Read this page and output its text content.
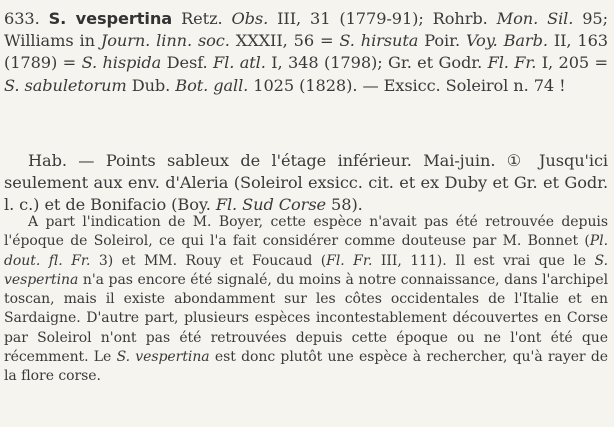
633. S. vespertina Retz. Obs. III, 31 (1779-91); Rohrb. Mon. Sil. 95; Williams in Journ. linn. soc. XXXII, 56 = S. hirsuta Poir. Voy. Barb. II, 163 (1789) = S. hispida Desf. Fl. atl. I, 348 (1798); Gr. et Godr. Fl. Fr. I, 205 = S. sabuletorum Dub. Bot. gall. 1025 (1828). — Exsicc. Soleirol n. 74 !

Hab. — Points sableux de l'étage inférieur. Mai-juin. ① Jusqu'ici seulement aux env. d'Aleria (Soleirol exsicc. cit. et ex Duby et Gr. et Godr. l. c.) et de Bonifacio (Boy. Fl. Sud Corse 58).

A part l'indication de M. Boyer, cette espèce n'avait pas été retrouvée depuis l'époque de Soleirol, ce qui l'a fait considérer comme douteuse par M. Bonnet (Pl. dout. fl. Fr. 3) et MM. Rouy et Foucaud (Fl. Fr. III, 111). Il est vrai que le S. vespertina n'a pas encore été signalé, du moins à notre connaissance, dans l'archipel toscan, mais il existe abondamment sur les côtes occidentales de l'Italie et en Sardaigne. D'autre part, plusieurs espèces incontestablement découvertes en Corse par Soleirol n'ont pas été retrouvées depuis cette époque ou ne l'ont été que récemment. Le S. vespertina est donc plutôt une espèce à rechercher, qu'à rayer de la flore corse.
